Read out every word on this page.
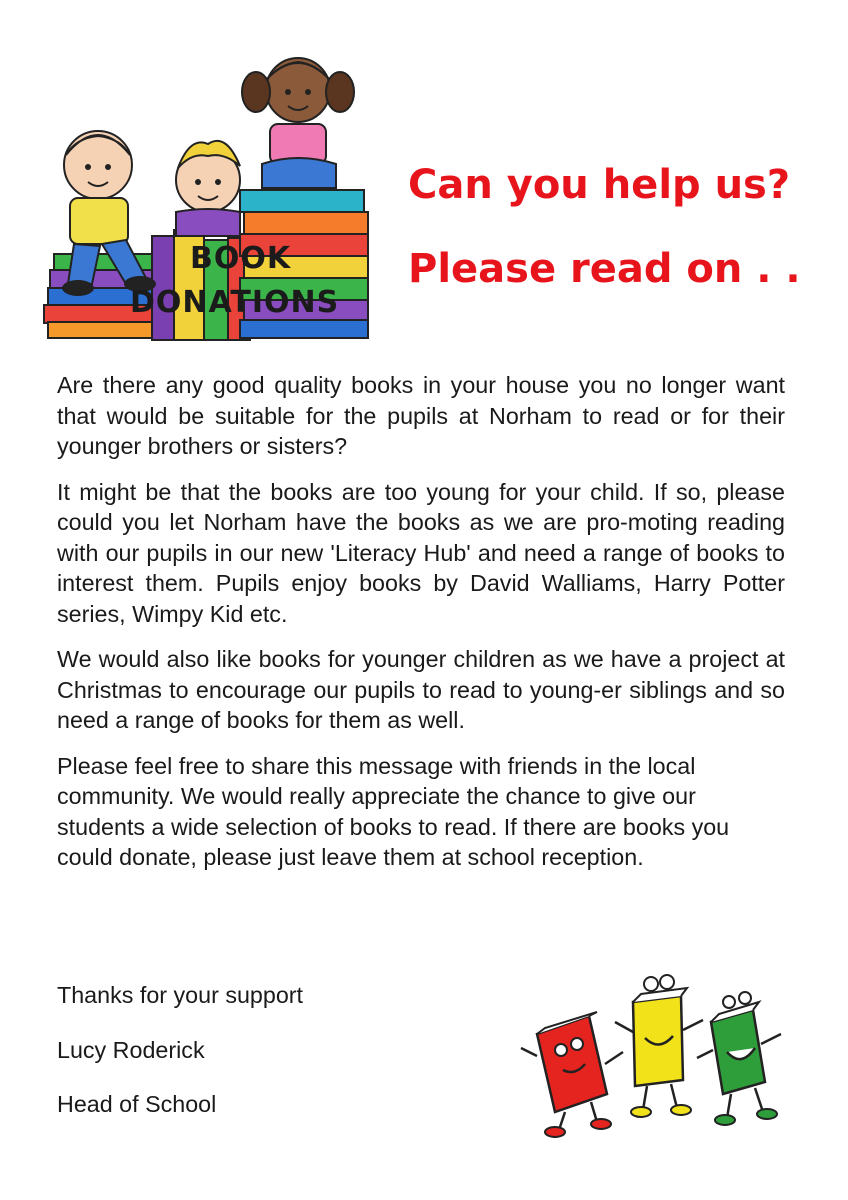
BOOK
DONATIONS
Can you help us?
Please read on . .

Are there any good quality books in your house you no longer want that would be suitable for the pupils at Norham to read or for their younger brothers or sisters?

It might be that the books are too young for your child. If so, please could you let Norham have the books as we are pro-moting reading with our pupils in our new 'Literacy Hub' and need a range of books to interest them. Pupils enjoy books by David Walliams, Harry Potter series, Wimpy Kid etc.

We would also like books for younger children as we have a project at Christmas to encourage our pupils to read to young-er siblings and so need a range of books for them as well.

Please feel free to share this message with friends in the local community. We would really appreciate the chance to give our students a wide selection of books to read. If there are books you could donate, please just leave them at school reception.

Thanks for your support
Lucy Roderick
Head of School
